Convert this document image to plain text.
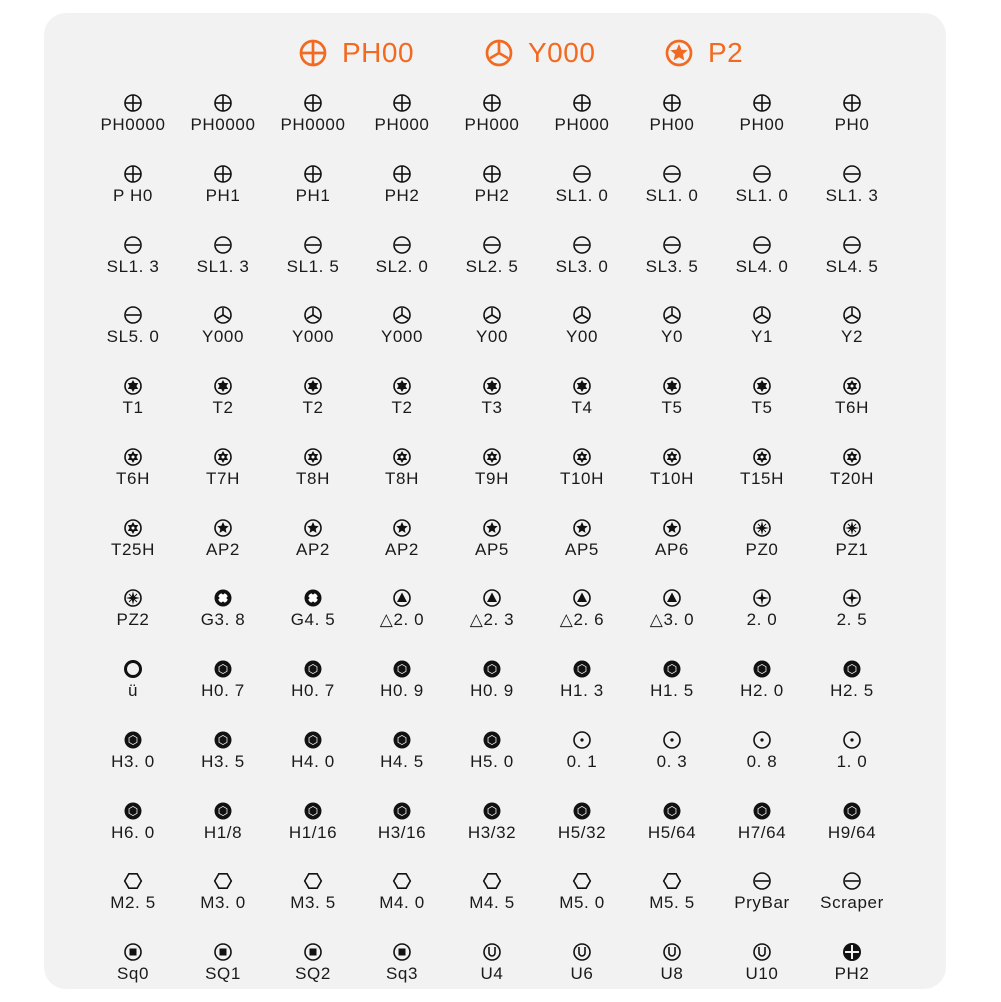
PH00	Y000	P2
PH0000	PH0000	PH0000	PH000	PH000	PH000	PH00	PH00	PH0
P H0	PH1	PH1	PH2	PH2	SL1. 0	SL1. 0	SL1. 0	SL1. 3
SL1. 3	SL1. 3	SL1. 5	SL2. 0	SL2. 5	SL3. 0	SL3. 5	SL4. 0	SL4. 5
SL5. 0	Y000	Y000	Y000	Y00	Y00	Y0	Y1	Y2
T1	T2	T2	T2	T3	T4	T5	T5	T6H
T6H	T7H	T8H	T8H	T9H	T10H	T10H	T15H	T20H
T25H	AP2	AP2	AP2	AP5	AP5	AP6	PZ0	PZ1
PZ2	G3. 8	G4. 5	△2. 0	△2. 3	△2. 6	△3. 0	2. 0	2. 5
ü	H0. 7	H0. 7	H0. 9	H0. 9	H1. 3	H1. 5	H2. 0	H2. 5
H3. 0	H3. 5	H4. 0	H4. 5	H5. 0	0. 1	0. 3	0. 8	1. 0
H6. 0	H1/8	H1/16	H3/16	H3/32	H5/32	H5/64	H7/64	H9/64
M2. 5	M3. 0	M3. 5	M4. 0	M4. 5	M5. 0	M5. 5	PryBar	Scraper
Sq0	SQ1	SQ2	Sq3	U4	U6	U8	U10	PH2
